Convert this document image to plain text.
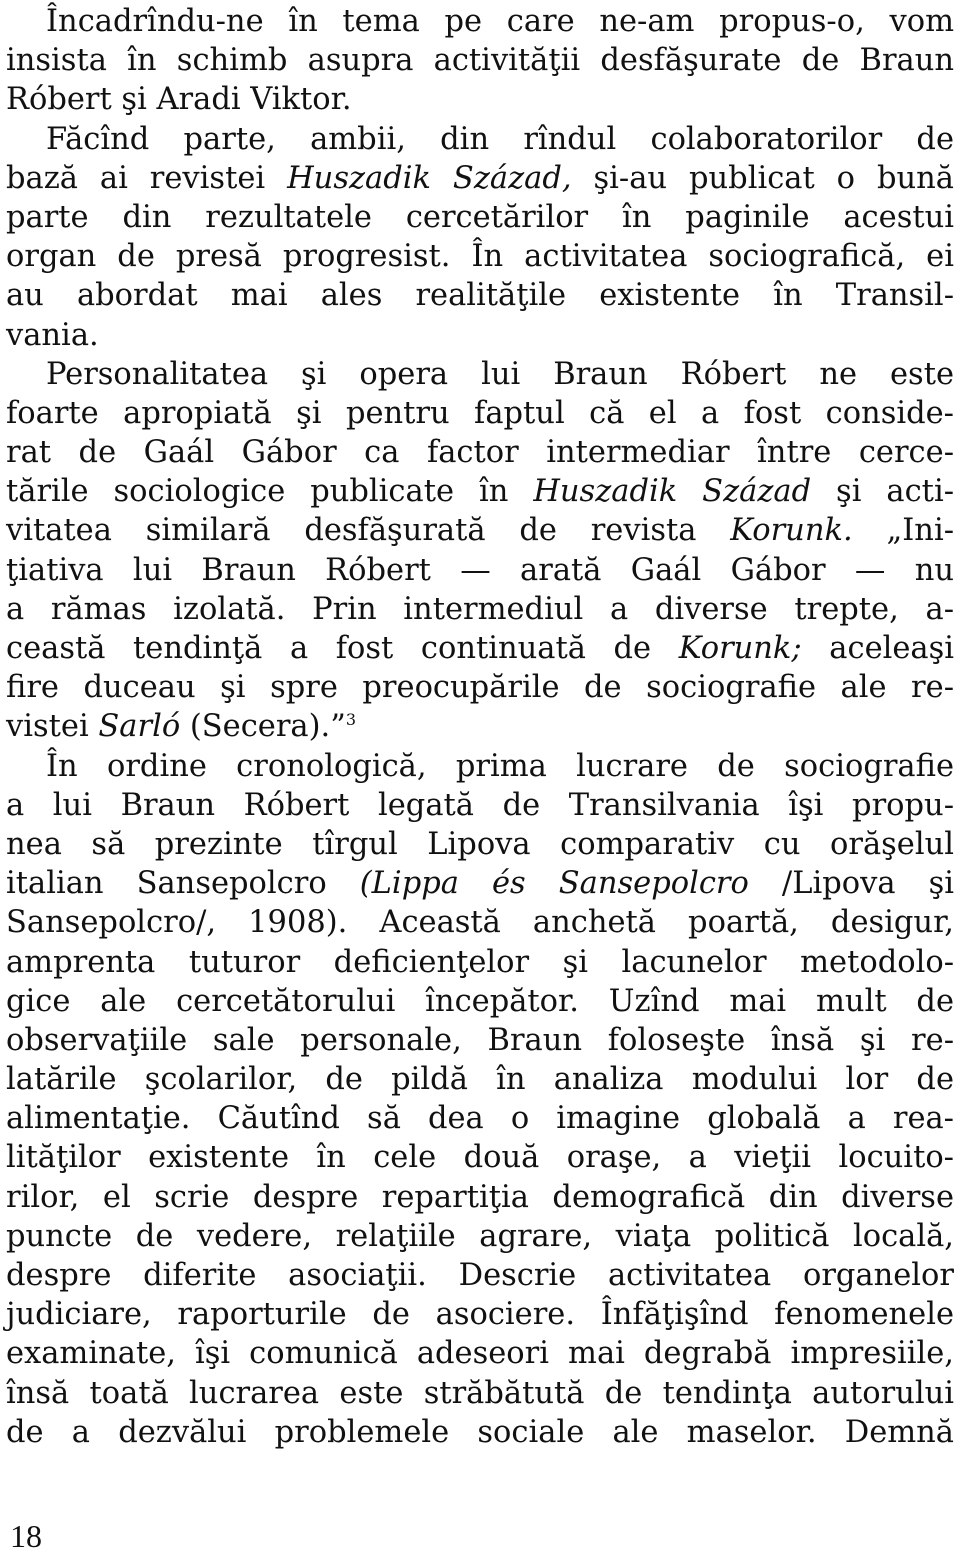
Încadrîndu-ne în tema pe care ne-am propus-o, vom
insista în schimb asupra activităţii desfăşurate de Braun
Róbert şi Aradi Viktor.
Făcînd parte, ambii, din rîndul colaboratorilor de
bază ai revistei Huszadik Század, şi-au publicat o bună
parte din rezultatele cercetărilor în paginile acestui
organ de presă progresist. În activitatea sociografică, ei
au abordat mai ales realităţile existente în Transil-
vania.
Personalitatea şi opera lui Braun Róbert ne este
foarte apropiată şi pentru faptul că el a fost conside-
rat de Gaál Gábor ca factor intermediar între cerce-
tările sociologice publicate în Huszadik Század şi acti-
vitatea similară desfăşurată de revista Korunk. „Ini-
ţiativa lui Braun Róbert — arată Gaál Gábor — nu
a rămas izolată. Prin intermediul a diverse trepte, a-
ceastă tendinţă a fost continuată de Korunk; aceleaşi
fire duceau şi spre preocupările de sociografie ale re-
vistei Sarló (Secera).”$^3$
În ordine cronologică, prima lucrare de sociografie
a lui Braun Róbert legată de Transilvania îşi propu-
nea să prezinte tîrgul Lipova comparativ cu orăşelul
italian Sansepolcro (Lippa és Sansepolcro /Lipova şi
Sansepolcro/, 1908). Această anchetă poartă, desigur,
amprenta tuturor deficienţelor şi lacunelor metodolo-
gice ale cercetătorului începător. Uzînd mai mult de
observaţiile sale personale, Braun foloseşte însă şi re-
latările şcolarilor, de pildă în analiza modului lor de
alimentaţie. Căutînd să dea o imagine globală a rea-
lităţilor existente în cele două oraşe, a vieţii locuito-
rilor, el scrie despre repartiţia demografică din diverse
puncte de vedere, relaţiile agrare, viaţa politică locală,
despre diferite asociaţii. Descrie activitatea organelor
judiciare, raporturile de asociere. Înfăţişînd fenomenele
examinate, îşi comunică adeseori mai degrabă impresiile,
însă toată lucrarea este străbătută de tendinţa autorului
de a dezvălui problemele sociale ale maselor. Demnă
18
